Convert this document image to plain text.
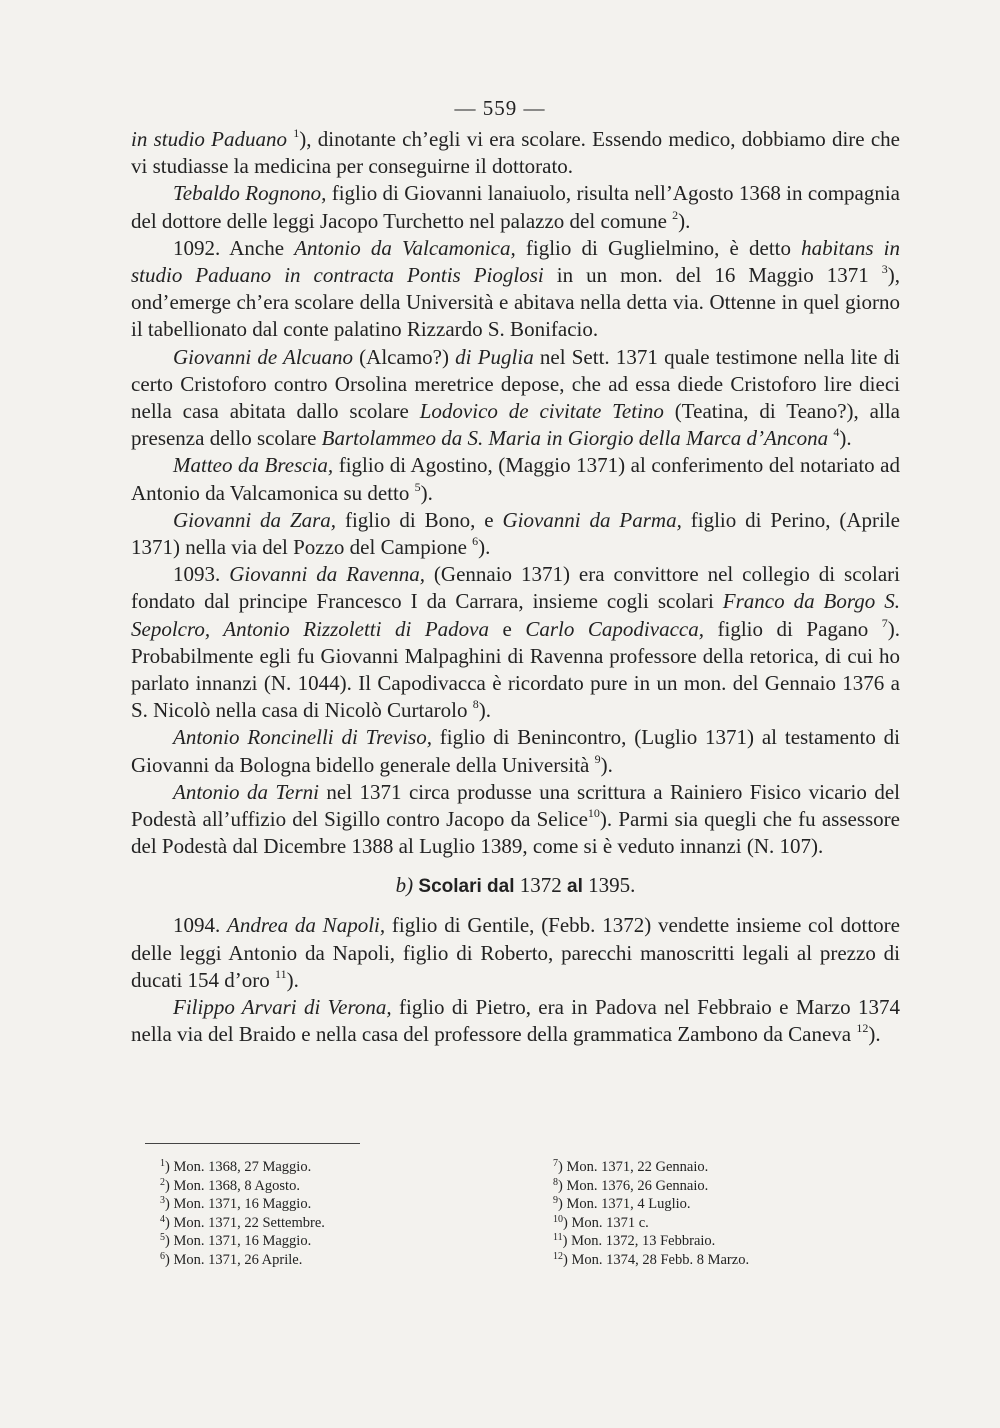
— 559 —

in studio Paduano $^1$), dinotante ch’egli vi era scolare. Essendo medico, dobbiamo dire che vi studiasse la medicina per conseguirne il dottorato.

Tebaldo Rognono, figlio di Giovanni lanaiuolo, risulta nell’Agosto 1368 in compagnia del dottore delle leggi Jacopo Turchetto nel palazzo del comune $^2$).

1092. Anche Antonio da Valcamonica, figlio di Guglielmino, è detto habitans in studio Paduano in contracta Pontis Pioglosi in un mon. del 16 Maggio 1371 $^3$), ond’emerge ch’era scolare della Università e abitava nella detta via. Ottenne in quel giorno il tabellionato dal conte palatino Rizzardo S. Bonifacio.

Giovanni de Alcuano (Alcamo?) di Puglia nel Sett. 1371 quale testimone nella lite di certo Cristoforo contro Orsolina meretrice depose, che ad essa diede Cristoforo lire dieci nella casa abitata dallo scolare Lodovico de civitate Tetino (Teatina, di Teano?), alla presenza dello scolare Bartolammeo da S. Maria in Giorgio della Marca d’Ancona $^4$).

Matteo da Brescia, figlio di Agostino, (Maggio 1371) al conferimento del notariato ad Antonio da Valcamonica su detto $^5$).

Giovanni da Zara, figlio di Bono, e Giovanni da Parma, figlio di Perino, (Aprile 1371) nella via del Pozzo del Campione $^6$).

1093. Giovanni da Ravenna, (Gennaio 1371) era convittore nel collegio di scolari fondato dal principe Francesco I da Carrara, insieme cogli scolari Franco da Borgo S. Sepolcro, Antonio Rizzoletti di Padova e Carlo Capodivacca, figlio di Pagano $^7$). Probabilmente egli fu Giovanni Malpaghini di Ravenna professore della retorica, di cui ho parlato innanzi (N. 1044). Il Capodivacca è ricordato pure in un mon. del Gennaio 1376 a S. Nicolò nella casa di Nicolò Curtarolo $^8$).

Antonio Roncinelli di Treviso, figlio di Benincontro, (Luglio 1371) al testamento di Giovanni da Bologna bidello generale della Università $^9$).

Antonio da Terni nel 1371 circa produsse una scrittura a Rainiero Fisico vicario del Podestà all’uffizio del Sigillo contro Jacopo da Selice$^{10}$). Parmi sia quegli che fu assessore del Podestà dal Dicembre 1388 al Luglio 1389, come si è veduto innanzi (N. 107).

b) Scolari dal 1372 al 1395.

1094. Andrea da Napoli, figlio di Gentile, (Febb. 1372) vendette insieme col dottore delle leggi Antonio da Napoli, figlio di Roberto, parecchi manoscritti legali al prezzo di ducati 154 d’oro $^{11}$).

Filippo Arvari di Verona, figlio di Pietro, era in Padova nel Febbraio e Marzo 1374 nella via del Braido e nella casa del professore della grammatica Zambono da Caneva $^{12}$).

$^1$) Mon. 1368, 27 Maggio.
$^2$) Mon. 1368, 8 Agosto.
$^3$) Mon. 1371, 16 Maggio.
$^4$) Mon. 1371, 22 Settembre.
$^5$) Mon. 1371, 16 Maggio.
$^6$) Mon. 1371, 26 Aprile.
$^7$) Mon. 1371, 22 Gennaio.
$^8$) Mon. 1376, 26 Gennaio.
$^9$) Mon. 1371, 4 Luglio.
$^{10}$) Mon. 1371 c.
$^{11}$) Mon. 1372, 13 Febbraio.
$^{12}$) Mon. 1374, 28 Febb. 8 Marzo.
